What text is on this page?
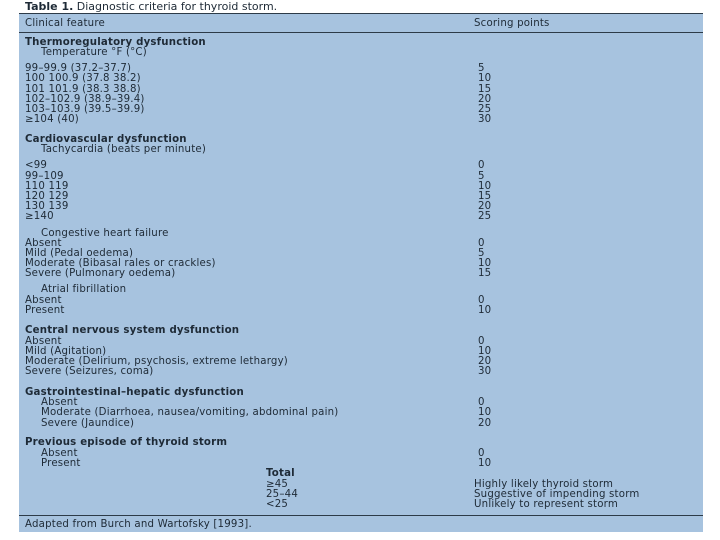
Table 1. Diagnostic criteria for thyroid storm.
Clinical feature	Scoring points
Thermoregulatory dysfunction
Temperature °F (°C)
99–99.9 (37.2–37.7)	5
100 100.9 (37.8 38.2)	10
101 101.9 (38.3 38.8)	15
102–102.9 (38.9–39.4)	20
103–103.9 (39.5–39.9)	25
≥104 (40)	30
Cardiovascular dysfunction
Tachycardia (beats per minute)
<99	0
99–109	5
110 119	10
120 129	15
130 139	20
≥140	25
Congestive heart failure
Absent	0
Mild (Pedal oedema)	5
Moderate (Bibasal rales or crackles)	10
Severe (Pulmonary oedema)	15
Atrial fibrillation
Absent	0
Present	10
Central nervous system dysfunction
Absent	0
Mild (Agitation)	10
Moderate (Delirium, psychosis, extreme lethargy)	20
Severe (Seizures, coma)	30
Gastrointestinal–hepatic dysfunction
Absent	0
Moderate (Diarrhoea, nausea/vomiting, abdominal pain)	10
Severe (Jaundice)	20
Previous episode of thyroid storm
Absent	0
Present	10
Total
≥45	Highly likely thyroid storm
25–44	Suggestive of impending storm
<25	Unlikely to represent storm
Adapted from Burch and Wartofsky [1993].
